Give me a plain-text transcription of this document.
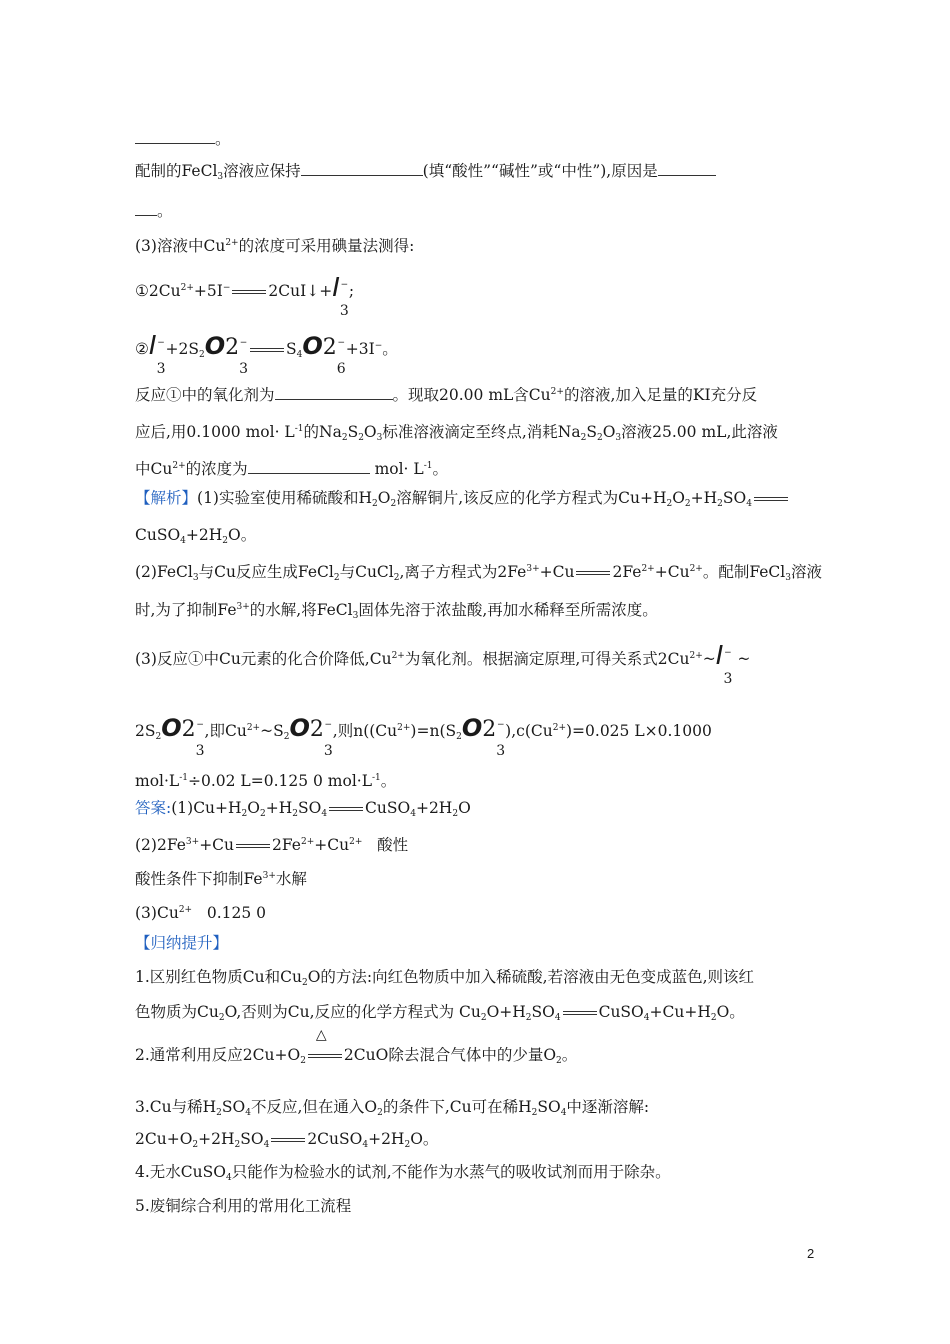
。
配制的FeCl$_3$溶液应保持	(填“酸性”“碱性”或“中性”),原因是
。
(3)溶液中$Cu^{2+}$的浓度可采用碘量法测得:
$①2Cu^{2+}+5I^-$ 2CuI↓+I−
3;
②I−
$3+2S_2O2^-$
$3S_4O2^-$
6+3I−。
反应①中的氧化剂为	。现取20.00 mL含$Cu^{2+}$的溶液,加入足量的KI充分反
应后,用0.1000 $mol\cdot L^{-1}$的$Na_2S_2O_3$标准溶液滴定至终点,消耗$Na_2S_2O_3$溶液25.00 mL,此溶液
中$Cu^{2+}$的浓度为	$mol\cdot L^{-1}$。
【解析】(1)实验室使用稀硫酸和$H_2O_2$溶解铜片,该反应的化学方程式为$Cu+H_2O_2+H_2SO_4$
$CuSO_4+2H_2O$。
(2)FeCl$_3$与Cu反应生成FeCl$_2$与CuCl$_2$,离子方程式为$2Fe^{3+}+Cu$ $2Fe^{2+}+Cu^{2+}$。配制FeCl$_3$溶液
时,为了抑制$Fe^{3+}$的水解,将FeCl$_3$固体先溶于浓盐酸,再加水稀释至所需浓度。
(3)反应①中Cu元素的化合价降低$,Cu^{2+}$为氧化剂。根据滴定原理,可得关系式$2Cu^{2+}\sim I^-$
3 ~
$2S_2O2^-$
3,即$Cu^{2+}\sim S_2O2^-$
3,则$n((Cu^{2+})=n(S_2O2^-$
$3),c(Cu^{2+})=0.025$ L×0.1000
$mol\cdot L^{-1}\div 0.02$ L=0.125 0 $mol\cdot L^{-1}$。
答案$:(1)Cu+H_2O_2+H_2SO_4$ $CuSO_4+2H_2O$
$(2)2Fe^{3+}+Cu$ $2Fe^{2+}+Cu^{2+}$ 酸性
酸性条件下抑制$Fe^{3+}$水解
$(3)Cu^{2+}$ 0.125 0
【归纳提升】
1.区别红色物质Cu和$Cu_2O$的方法:向红色物质中加入稀硫酸,若溶液由无色变成蓝色,则该红
色物质为$Cu_2O$,否则为Cu,反应的化学方程式为 $Cu_2O+H_2SO_4$ $CuSO_4+Cu+H_2O$。
2.通常利用反应$2Cu+O_2$
△
2CuO除去混合气体中的少量$O_2$。
3.Cu与稀$H_2SO_4$不反应,但在通入$O_2$的条件下,Cu可在稀$H_2SO_4$中逐渐溶解:
$2Cu+O_2+2H_2SO_4$ $2CuSO_4+2H_2O$。
4.无水CuSO$_4$只能作为检验水的试剂,不能作为水蒸气的吸收试剂而用于除杂。
5.废铜综合利用的常用化工流程
2
